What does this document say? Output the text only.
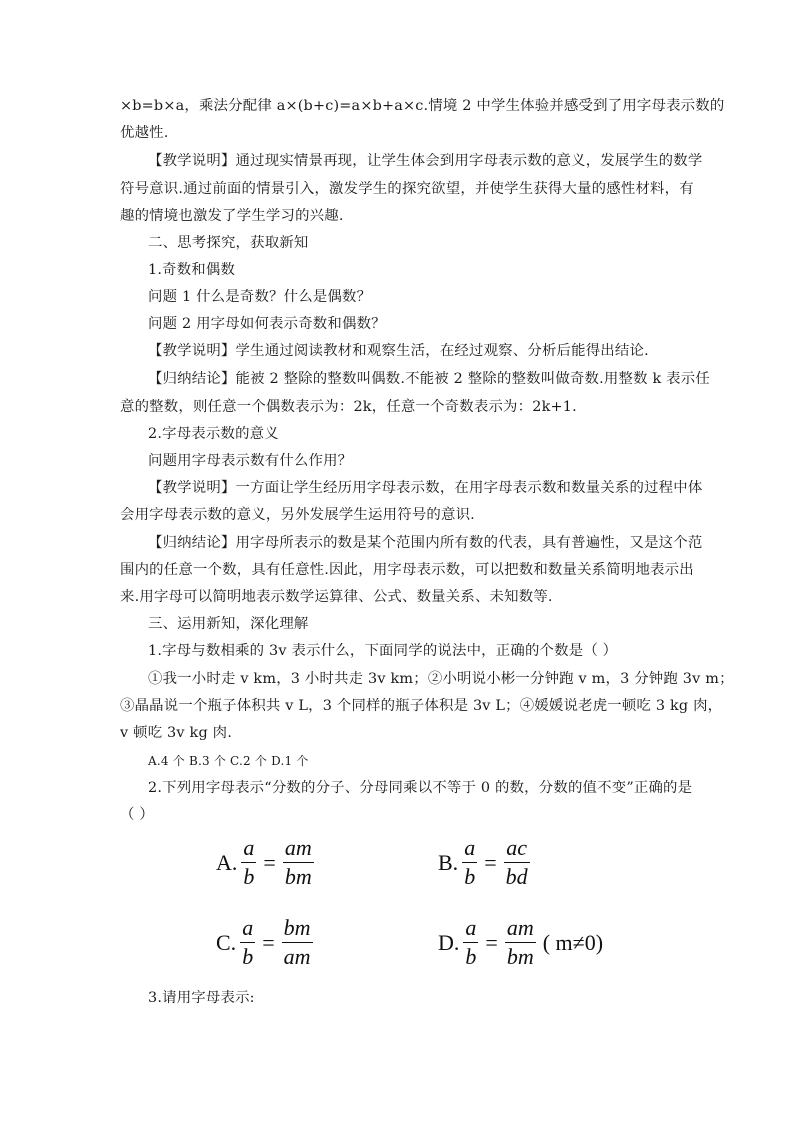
×b=b×a，乘法分配律 a×(b+c)=a×b+a×c.情境 2 中学生体验并感受到了用字母表示数的
优越性.
【教学说明】通过现实情景再现，让学生体会到用字母表示数的意义，发展学生的数学
符号意识.通过前面的情景引入，激发学生的探究欲望，并使学生获得大量的感性材料，有
趣的情境也激发了学生学习的兴趣.
二、思考探究，获取新知
1.奇数和偶数
问题 1 什么是奇数？什么是偶数？
问题 2 用字母如何表示奇数和偶数？
【教学说明】学生通过阅读教材和观察生活，在经过观察、分析后能得出结论.
【归纳结论】能被 2 整除的整数叫偶数.不能被 2 整除的整数叫做奇数.用整数 k 表示任
意的整数，则任意一个偶数表示为：2k，任意一个奇数表示为：2k+1.
2.字母表示数的意义
问题用字母表示数有什么作用？
【教学说明】一方面让学生经历用字母表示数，在用字母表示数和数量关系的过程中体
会用字母表示数的意义，另外发展学生运用符号的意识.
【归纳结论】用字母所表示的数是某个范围内所有数的代表，具有普遍性，又是这个范
围内的任意一个数，具有任意性.因此，用字母表示数，可以把数和数量关系简明地表示出
来.用字母可以简明地表示数学运算律、公式、数量关系、未知数等.
三、运用新知，深化理解
1.字母与数相乘的 3v 表示什么，下面同学的说法中，正确的个数是（ ）
①我一小时走 v km，3 小时共走 3v km；②小明说小彬一分钟跑 v m，3 分钟跑 3v m；
③晶晶说一个瓶子体积共 v L，3 个同样的瓶子体积是 3v L；④媛媛说老虎一顿吃 3 kg 肉，
v 顿吃 3v kg 肉.
A.4 个 B.3 个 C.2 个 D.1 个
2.下列用字母表示“分数的分子、分母同乘以不等于 0 的数，分数的值不变”正确的是
（ ）
A. $\frac{a}{b} = \frac{am}{bm}$	B. $\frac{a}{b} = \frac{ac}{bd}$
C. $\frac{a}{b} = \frac{bm}{am}$	D. $\frac{a}{b} = \frac{am}{bm}$ ( m≠0)
3.请用字母表示:
